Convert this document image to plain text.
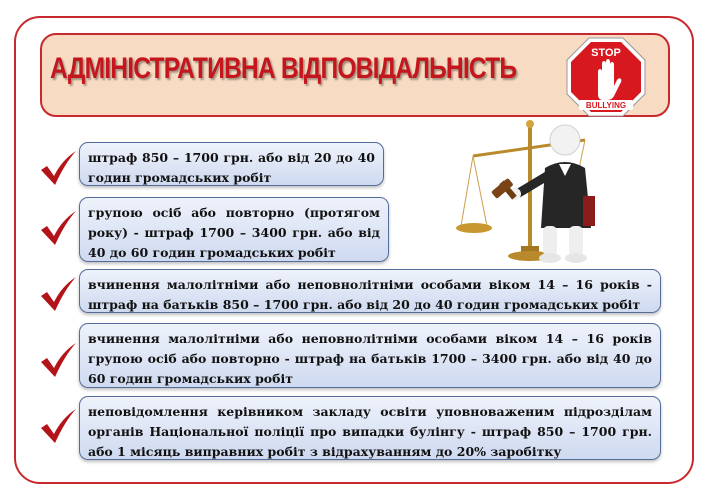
АДМІНІСТРАТИВНА ВІДПОВІДАЛЬНІСТЬ	STOP
BULLYING
штраф 850 – 1700 грн. або від 20 до 40 годин громадських робіт
групою осіб або повторно (протягом року) - штраф 1700 – 3400 грн. або від 40 до 60 годин громадських робіт
вчинення малолітніми або неповнолітніми особами віком 14 – 16 років - штраф на батьків 850 – 1700 грн. або від 20 до 40 годин громадських робіт
вчинення малолітніми або неповнолітніми особами віком 14 – 16 років групою осіб або повторно - штраф на батьків 1700 – 3400 грн. або від 40 до 60 годин громадських робіт
неповідомлення керівником закладу освіти уповноваженим підрозділам органів Національної поліції про випадки булінгу - штраф 850 – 1700 грн. або 1 місяць виправних робіт з відрахуванням до 20% заробітку
